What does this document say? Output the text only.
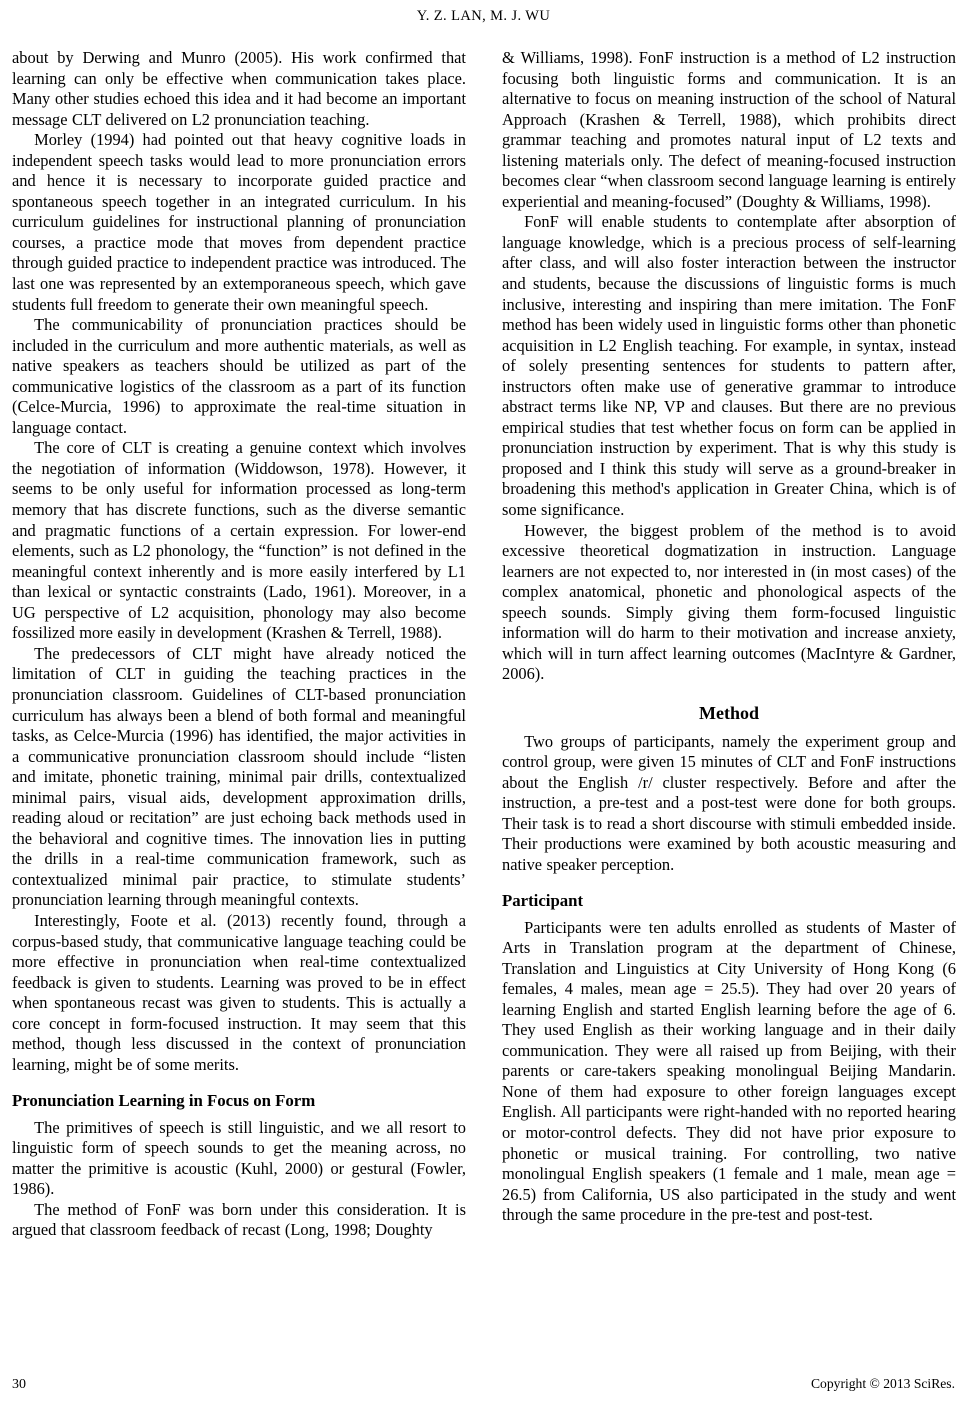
Y. Z. LAN, M. J. WU

about by Derwing and Munro (2005). His work confirmed that learning can only be effective when communication takes place. Many other studies echoed this idea and it had become an important message CLT delivered on L2 pronunciation teaching.

Morley (1994) had pointed out that heavy cognitive loads in independent speech tasks would lead to more pronunciation errors and hence it is necessary to incorporate guided practice and spontaneous speech together in an integrated curriculum. In his curriculum guidelines for instructional planning of pronunciation courses, a practice mode that moves from dependent practice through guided practice to independent practice was introduced. The last one was represented by an extemporaneous speech, which gave students full freedom to generate their own meaningful speech.

The communicability of pronunciation practices should be included in the curriculum and more authentic materials, as well as native speakers as teachers should be utilized as part of the communicative logistics of the classroom as a part of its function (Celce-Murcia, 1996) to approximate the real-time situation in language contact.

The core of CLT is creating a genuine context which involves the negotiation of information (Widdowson, 1978). However, it seems to be only useful for information processed as long-term memory that has discrete functions, such as the diverse semantic and pragmatic functions of a certain expression. For lower-end elements, such as L2 phonology, the “function” is not defined in the meaningful context inherently and is more easily interfered by L1 than lexical or syntactic constraints (Lado, 1961). Moreover, in a UG perspective of L2 acquisition, phonology may also become fossilized more easily in development (Krashen & Terrell, 1988).

The predecessors of CLT might have already noticed the limitation of CLT in guiding the teaching practices in the pronunciation classroom. Guidelines of CLT-based pronunciation curriculum has always been a blend of both formal and meaningful tasks, as Celce-Murcia (1996) has identified, the major activities in a communicative pronunciation classroom should include “listen and imitate, phonetic training, minimal pair drills, contextualized minimal pairs, visual aids, development approximation drills, reading aloud or recitation” are just echoing back methods used in the behavioral and cognitive times. The innovation lies in putting the drills in a real-time communication framework, such as contextualized minimal pair practice, to stimulate students’ pronunciation learning through meaningful contexts.

Interestingly, Foote et al. (2013) recently found, through a corpus-based study, that communicative language teaching could be more effective in pronunciation when real-time contextualized feedback is given to students. Learning was proved to be in effect when spontaneous recast was given to students. This is actually a core concept in form-focused instruction. It may seem that this method, though less discussed in the context of pronunciation learning, might be of some merits.

Pronunciation Learning in Focus on Form

The primitives of speech is still linguistic, and we all resort to linguistic form of speech sounds to get the meaning across, no matter the primitive is acoustic (Kuhl, 2000) or gestural (Fowler, 1986).

The method of FonF was born under this consideration. It is argued that classroom feedback of recast (Long, 1998; Doughty

& Williams, 1998). FonF instruction is a method of L2 instruction focusing both linguistic forms and communication. It is an alternative to focus on meaning instruction of the school of Natural Approach (Krashen & Terrell, 1988), which prohibits direct grammar teaching and promotes natural input of L2 texts and listening materials only. The defect of meaning-focused instruction becomes clear “when classroom second language learning is entirely experiential and meaning-focused” (Doughty & Williams, 1998).

FonF will enable students to contemplate after absorption of language knowledge, which is a precious process of self-learning after class, and will also foster interaction between the instructor and students, because the discussions of linguistic forms is much inclusive, interesting and inspiring than mere imitation. The FonF method has been widely used in linguistic forms other than phonetic acquisition in L2 English teaching. For example, in syntax, instead of solely presenting sentences for students to pattern after, instructors often make use of generative grammar to introduce abstract terms like NP, VP and clauses. But there are no previous empirical studies that test whether focus on form can be applied in pronunciation instruction by experiment. That is why this study is proposed and I think this study will serve as a ground-breaker in broadening this method's application in Greater China, which is of some significance.

However, the biggest problem of the method is to avoid excessive theoretical dogmatization in instruction. Language learners are not expected to, nor interested in (in most cases) of the complex anatomical, phonetic and phonological aspects of the speech sounds. Simply giving them form-focused linguistic information will do harm to their motivation and increase anxiety, which will in turn affect learning outcomes (MacIntyre & Gardner, 2006).

Method

Two groups of participants, namely the experiment group and control group, were given 15 minutes of CLT and FonF instructions about the English /r/ cluster respectively. Before and after the instruction, a pre-test and a post-test were done for both groups. Their task is to read a short discourse with stimuli embedded inside. Their productions were examined by both acoustic measuring and native speaker perception.

Participant

Participants were ten adults enrolled as students of Master of Arts in Translation program at the department of Chinese, Translation and Linguistics at City University of Hong Kong (6 females, 4 males, mean age = 25.5). They had over 20 years of learning English and started English learning before the age of 6. They used English as their working language and in their daily communication. They were all raised up from Beijing, with their parents or care-takers speaking monolingual Beijing Mandarin. None of them had exposure to other foreign languages except English. All participants were right-handed with no reported hearing or motor-control defects. They did not have prior exposure to phonetic or musical training. For controlling, two native monolingual English speakers (1 female and 1 male, mean age = 26.5) from California, US also participated in the study and went through the same procedure in the pre-test and post-test.

30	Copyright © 2013 SciRes.
